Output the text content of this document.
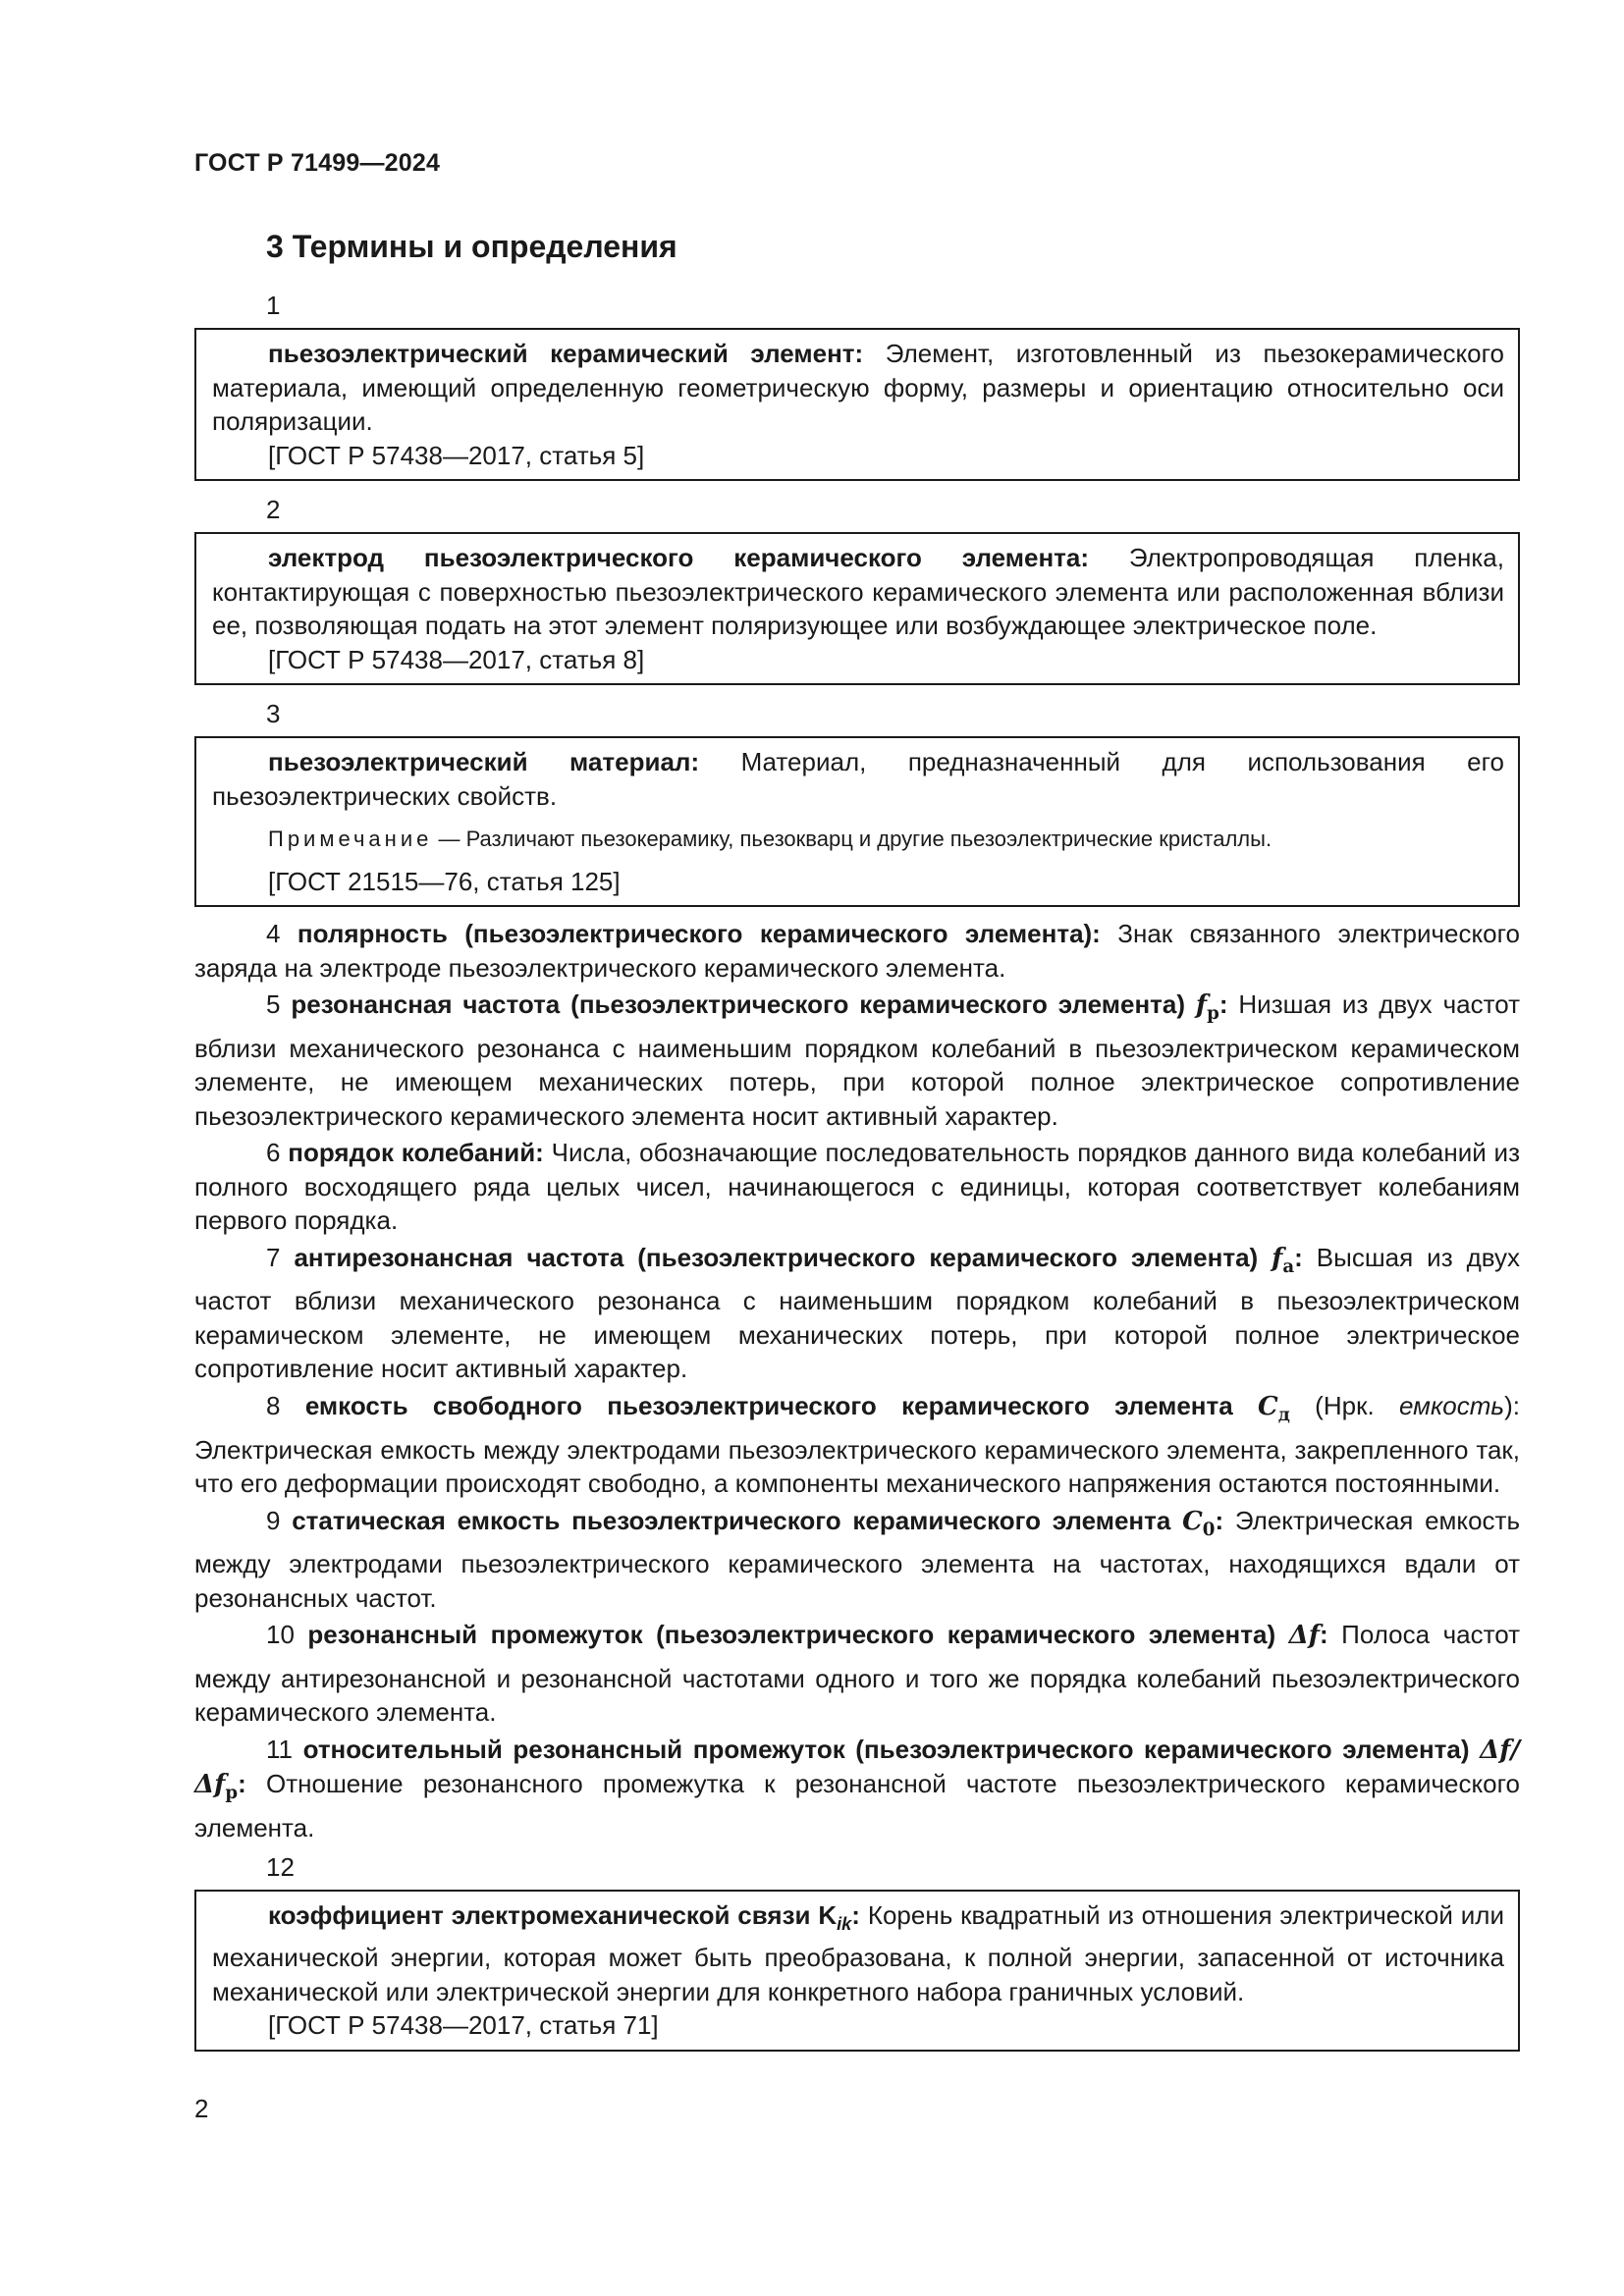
ГОСТ Р 71499—2024
3 Термины и определения
1

пьезоэлектрический керамический элемент: Элемент, изготовленный из пьезокерамического материала, имеющий определенную геометрическую форму, размеры и ориентацию относительно оси поляризации.

[ГОСТ Р 57438—2017, статья 5]

2

электрод пьезоэлектрического керамического элемента: Электропроводящая пленка, контактирующая с поверхностью пьезоэлектрического керамического элемента или расположенная вблизи ее, позволяющая подать на этот элемент поляризующее или возбуждающее электрическое поле.

[ГОСТ Р 57438—2017, статья 8]

3

пьезоэлектрический материал: Материал, предназначенный для использования его пьезоэлектрических свойств.

Примечание — Различают пьезокерамику, пьезокварц и другие пьезоэлектрические кристаллы.

[ГОСТ 21515—76, статья 125]

4 полярность (пьезоэлектрического керамического элемента): Знак связанного электрического заряда на электроде пьезоэлектрического керамического элемента.

5 резонансная частота (пьезоэлектрического керамического элемента) $f_р$: Низшая из двух частот вблизи механического резонанса с наименьшим порядком колебаний в пьезоэлектрическом керамическом элементе, не имеющем механических потерь, при которой полное электрическое сопротивление пьезоэлектрического керамического элемента носит активный характер.

6 порядок колебаний: Числа, обозначающие последовательность порядков данного вида колебаний из полного восходящего ряда целых чисел, начинающегося с единицы, которая соответствует колебаниям первого порядка.

7 антирезонансная частота (пьезоэлектрического керамического элемента) $f_а$: Высшая из двух частот вблизи механического резонанса с наименьшим порядком колебаний в пьезоэлектрическом керамическом элементе, не имеющем механических потерь, при которой полное электрическое сопротивление носит активный характер.

8 емкость свободного пьезоэлектрического керамического элемента $C_д$ (Нрк. емкость): Электрическая емкость между электродами пьезоэлектрического керамического элемента, закрепленного так, что его деформации происходят свободно, а компоненты механического напряжения остаются постоянными.

9 статическая емкость пьезоэлектрического керамического элемента $C_0$: Электрическая емкость между электродами пьезоэлектрического керамического элемента на частотах, находящихся вдали от резонансных частот.

10 резонансный промежуток (пьезоэлектрического керамического элемента) Δf: Полоса частот между антирезонансной и резонансной частотами одного и того же порядка колебаний пьезоэлектрического керамического элемента.

11 относительный резонансный промежуток (пьезоэлектрического керамического элемента) $\Delta f/\Delta f_р$: Отношение резонансного промежутка к резонансной частоте пьезоэлектрического керамического элемента.

12

коэффициент электромеханической связи $K_{ik}$: Корень квадратный из отношения электрической или механической энергии, которая может быть преобразована, к полной энергии, запасенной от источника механической или электрической энергии для конкретного набора граничных условий.

[ГОСТ Р 57438—2017, статья 71]

2
